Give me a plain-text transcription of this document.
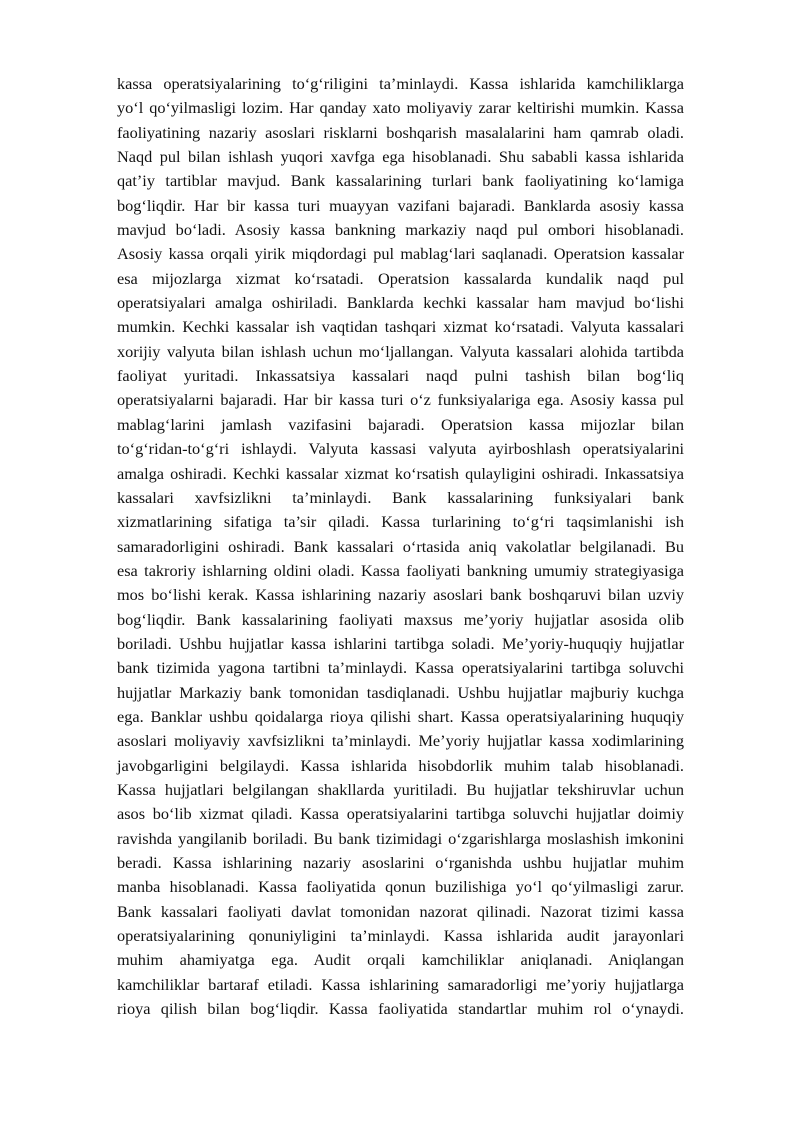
kassa operatsiyalarining to‘g‘riligini ta’minlaydi. Kassa ishlarida kamchiliklarga
yo‘l qo‘yilmasligi lozim. Har qanday xato moliyaviy zarar keltirishi mumkin. Kassa
faoliyatining nazariy asoslari risklarni boshqarish masalalarini ham qamrab oladi.
Naqd pul bilan ishlash yuqori xavfga ega hisoblanadi. Shu sababli kassa ishlarida
qat’iy tartiblar mavjud. Bank kassalarining turlari bank faoliyatining ko‘lamiga
bog‘liqdir. Har bir kassa turi muayyan vazifani bajaradi. Banklarda asosiy kassa
mavjud bo‘ladi. Asosiy kassa bankning markaziy naqd pul ombori hisoblanadi.
Asosiy kassa orqali yirik miqdordagi pul mablag‘lari saqlanadi. Operatsion kassalar
esa mijozlarga xizmat ko‘rsatadi. Operatsion kassalarda kundalik naqd pul
operatsiyalari amalga oshiriladi. Banklarda kechki kassalar ham mavjud bo‘lishi
mumkin. Kechki kassalar ish vaqtidan tashqari xizmat ko‘rsatadi. Valyuta kassalari
xorijiy valyuta bilan ishlash uchun mo‘ljallangan. Valyuta kassalari alohida tartibda
faoliyat yuritadi. Inkassatsiya kassalari naqd pulni tashish bilan bog‘liq
operatsiyalarni bajaradi. Har bir kassa turi o‘z funksiyalariga ega. Asosiy kassa pul
mablag‘larini jamlash vazifasini bajaradi. Operatsion kassa mijozlar bilan
to‘g‘ridan-to‘g‘ri ishlaydi. Valyuta kassasi valyuta ayirboshlash operatsiyalarini
amalga oshiradi. Kechki kassalar xizmat ko‘rsatish qulayligini oshiradi. Inkassatsiya
kassalari xavfsizlikni ta’minlaydi. Bank kassalarining funksiyalari bank
xizmatlarining sifatiga ta’sir qiladi. Kassa turlarining to‘g‘ri taqsimlanishi ish
samaradorligini oshiradi. Bank kassalari o‘rtasida aniq vakolatlar belgilanadi. Bu
esa takroriy ishlarning oldini oladi. Kassa faoliyati bankning umumiy strategiyasiga
mos bo‘lishi kerak. Kassa ishlarining nazariy asoslari bank boshqaruvi bilan uzviy
bog‘liqdir. Bank kassalarining faoliyati maxsus me’yoriy hujjatlar asosida olib
boriladi. Ushbu hujjatlar kassa ishlarini tartibga soladi. Me’yoriy-huquqiy hujjatlar
bank tizimida yagona tartibni ta’minlaydi. Kassa operatsiyalarini tartibga soluvchi
hujjatlar Markaziy bank tomonidan tasdiqlanadi. Ushbu hujjatlar majburiy kuchga
ega. Banklar ushbu qoidalarga rioya qilishi shart. Kassa operatsiyalarining huquqiy
asoslari moliyaviy xavfsizlikni ta’minlaydi. Me’yoriy hujjatlar kassa xodimlarining
javobgarligini belgilaydi. Kassa ishlarida hisobdorlik muhim talab hisoblanadi.
Kassa hujjatlari belgilangan shakllarda yuritiladi. Bu hujjatlar tekshiruvlar uchun
asos bo‘lib xizmat qiladi. Kassa operatsiyalarini tartibga soluvchi hujjatlar doimiy
ravishda yangilanib boriladi. Bu bank tizimidagi o‘zgarishlarga moslashish imkonini
beradi. Kassa ishlarining nazariy asoslarini o‘rganishda ushbu hujjatlar muhim
manba hisoblanadi. Kassa faoliyatida qonun buzilishiga yo‘l qo‘yilmasligi zarur.
Bank kassalari faoliyati davlat tomonidan nazorat qilinadi. Nazorat tizimi kassa
operatsiyalarining qonuniyligini ta’minlaydi. Kassa ishlarida audit jarayonlari
muhim ahamiyatga ega. Audit orqali kamchiliklar aniqlanadi. Aniqlangan
kamchiliklar bartaraf etiladi. Kassa ishlarining samaradorligi me’yoriy hujjatlarga
rioya qilish bilan bog‘liqdir. Kassa faoliyatida standartlar muhim rol o‘ynaydi.
